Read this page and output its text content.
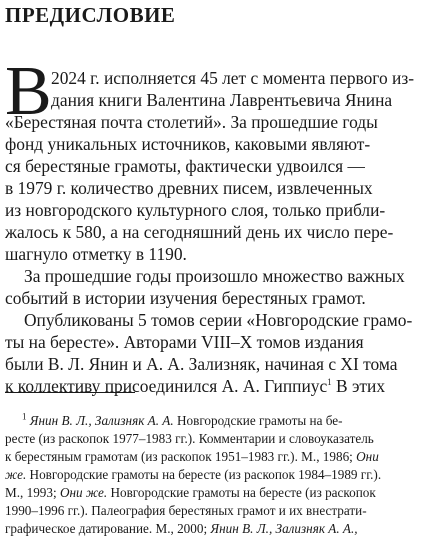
ПРЕДИСЛОВИЕ
В 2024 г. исполняется 45 лет с момента первого из-
дания книги Валентина Лаврентьевича Янина
«Берестяная почта столетий». За прошедшие годы
фонд уникальных источников, каковыми являют-
ся берестяные грамоты, фактически удвоился —
в 1979 г. количество древних писем, извлеченных
из новгородского культурного слоя, только прибли-
жалось к 580, а на сегодняшний день их число пере-
шагнуло отметку в 1190.
За прошедшие годы произошло множество важных
событий в истории изучения берестяных грамот.
Опубликованы 5 томов серии «Новгородские грамо-
ты на бересте». Авторами VIII–X томов издания
были В. Л. Янин и А. А. Зализняк, начиная с XI тома
к коллективу присоединился А. А. Гиппиус$^1$ В этих
$^1$ Янин В. Л., Зализняк А. А. Новгородские грамоты на бе-
ресте (из раскопок 1977–1983 гг.). Комментарии и словоуказатель
к берестяным грамотам (из раскопок 1951–1983 гг.). М., 1986; Они
же. Новгородские грамоты на бересте (из раскопок 1984–1989 гг.).
М., 1993; Они же. Новгородские грамоты на бересте (из раскопок
1990–1996 гг.). Палеография берестяных грамот и их внестрати-
графическое датирование. М., 2000; Янин В. Л., Зализняк А. А.,
